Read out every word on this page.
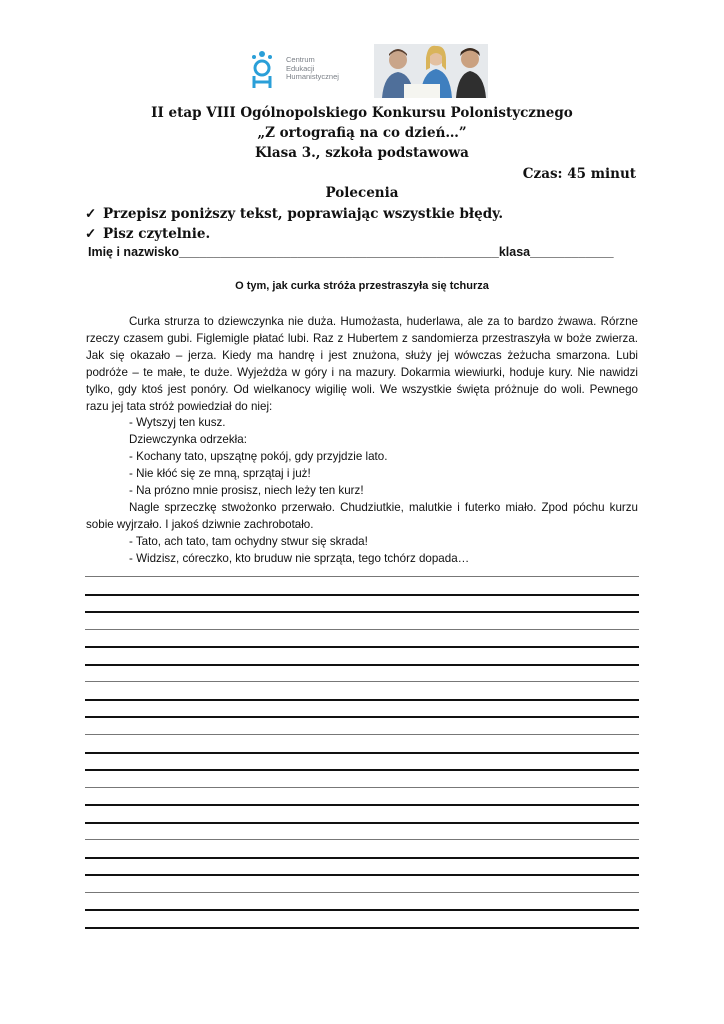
Centrum
Edukacji
Humanistycznej
II etap VIII Ogólnopolskiego Konkursu Polonistycznego
„Z ortografią na co dzień…”
Klasa 3., szkoła podstawowa
Czas: 45 minut
Polecenia
✓ Przepisz poniższy tekst, poprawiając wszystkie błędy.
✓ Pisz czytelnie.
Imię i nazwisko______________________________________________klasa____________
O tym, jak curka stróża przestraszyła się tchurza
Curka strurza to dziewczynka nie duża. Humożasta, huderlawa, ale za to bardzo żwawa. Rórzne rzeczy czasem gubi. Figlemigle płatać lubi. Raz z Hubertem z sandomierza przestraszyła w boże zwierza. Jak się okazało – jerza. Kiedy ma handrę i jest znużona, służy jej wówczas żeżucha smarzona. Lubi podróże – te małe, te duże. Wyjeżdża w góry i na mazury. Dokarmia wiewiurki, hoduje kury. Nie nawidzi tylko, gdy ktoś jest ponóry. Od wielkanocy wigilię woli. We wszystkie święta próżnuje do woli. Pewnego razu jej tata stróż powiedział do niej:
- Wytszyj ten kusz.
Dziewczynka odrzekła:
- Kochany tato, upszątnę pokój, gdy przyjdzie lato.
- Nie kłóć się ze mną, sprzątaj i już!
- Na prózno mnie prosisz, niech leży ten kurz!
Nagle sprzeczkę stwożonko przerwało. Chudziutkie, malutkie i futerko miało. Zpod póchu kurzu sobie wyjrzało. I jakoś dziwnie zachrobotało.
- Tato, ach tato, tam ochydny stwur się skrada!
- Widzisz, córeczko, kto bruduw nie sprząta, tego tchórz dopada…
